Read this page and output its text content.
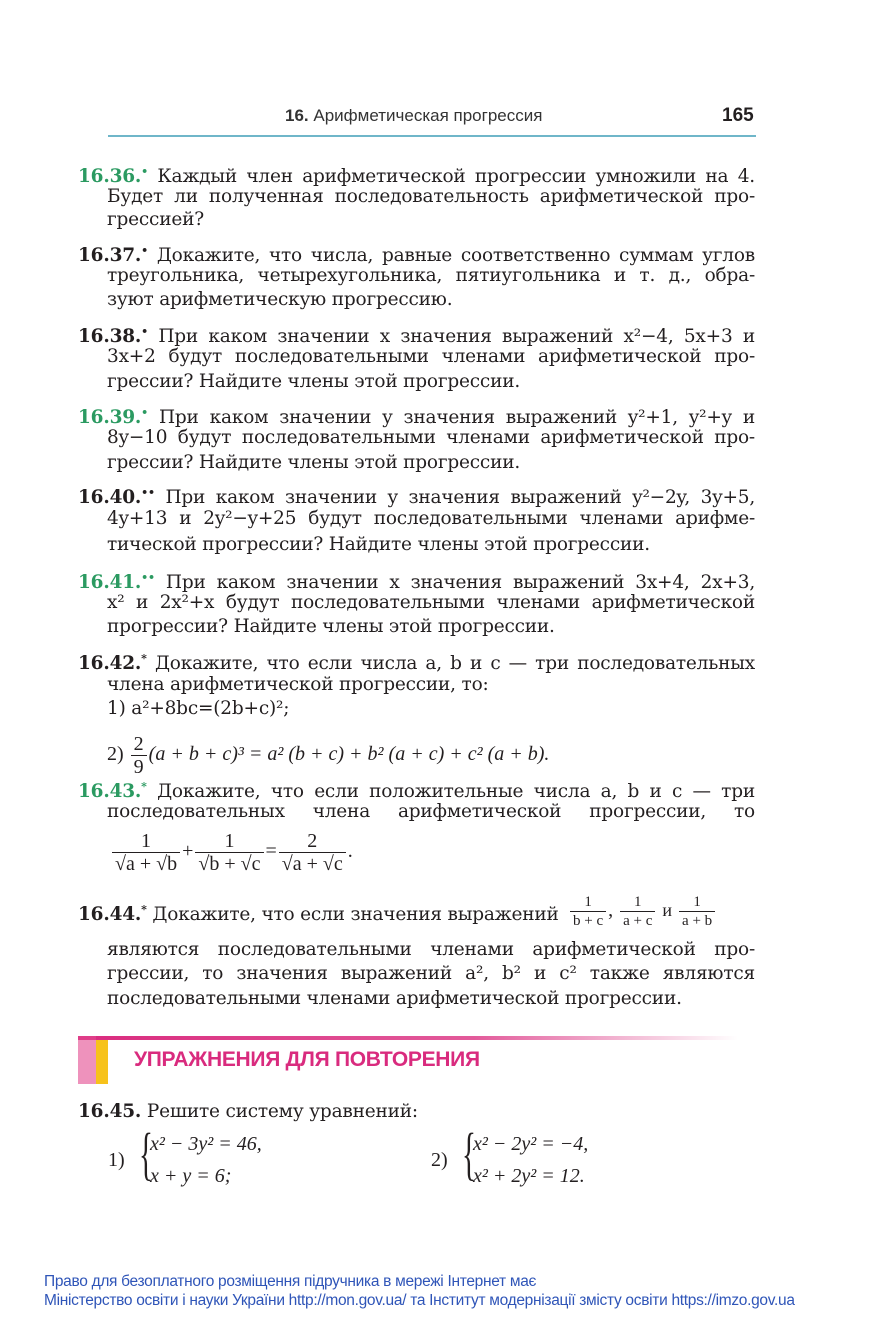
16. Арифметическая прогрессия	165
16.36.• Каждый член арифметической прогрессии умножили на 4.
Будет ли полученная последовательность арифметической про-
грессией?
16.37.• Докажите, что числа, равные соответственно суммам углов
треугольника, четырехугольника, пятиугольника и т. д., обра-
зуют арифметическую прогрессию.
16.38.• При каком значении x значения выражений x²−4, 5x+3 и
3x+2 будут последовательными членами арифметической про-
грессии? Найдите члены этой прогрессии.
16.39.• При каком значении y значения выражений y²+1, y²+y и
8y−10 будут последовательными членами арифметической про-
грессии? Найдите члены этой прогрессии.
16.40.•• При каком значении y значения выражений y²−2y, 3y+5,
4y+13 и 2y²−y+25 будут последовательными членами арифме-
тической прогрессии? Найдите члены этой прогрессии.
16.41.•• При каком значении x значения выражений 3x+4, 2x+3,
x² и 2x²+x будут последовательными членами арифметической
прогрессии? Найдите члены этой прогрессии.
16.42.* Докажите, что если числа a, b и c — три последовательных
члена арифметической прогрессии, то:
1) a²+8bc=(2b+c)²;
16.43.* Докажите, что если положительные числа a, b и c — три
последовательных члена арифметической прогрессии, то
16.44.* Докажите, что если значения выражений
являются последовательными членами арифметической про-
грессии, то значения выражений a², b² и c² также являются
последовательными членами арифметической прогрессии.
$2) \frac{2}{9} (a + b + c)^3 = a^2$ (b + c) + b² (a + c) + c² (a + b).
$\frac{1}{√a + √b} + \frac{1}{√b + √c} = \frac{2}{√a + √c}$ .
$\frac{1}{b + c}$ , $\frac{1}{a + c}$ и $\frac{1}{a + b}$
УПРАЖНЕНИЯ ДЛЯ ПОВТОРЕНИЯ
16.45. Решите систему уравнений:
1) {
x² − 3y² = 46,
x + y = 6;
2) {
x² − 2y² = −4,
x² + 2y² = 12.
Право для безоплатного розміщення підручника в мережі Інтернет має
Міністерство освіти і науки України http://mon.gov.ua/ та Інститут модернізації змісту освіти https://imzo.gov.ua
